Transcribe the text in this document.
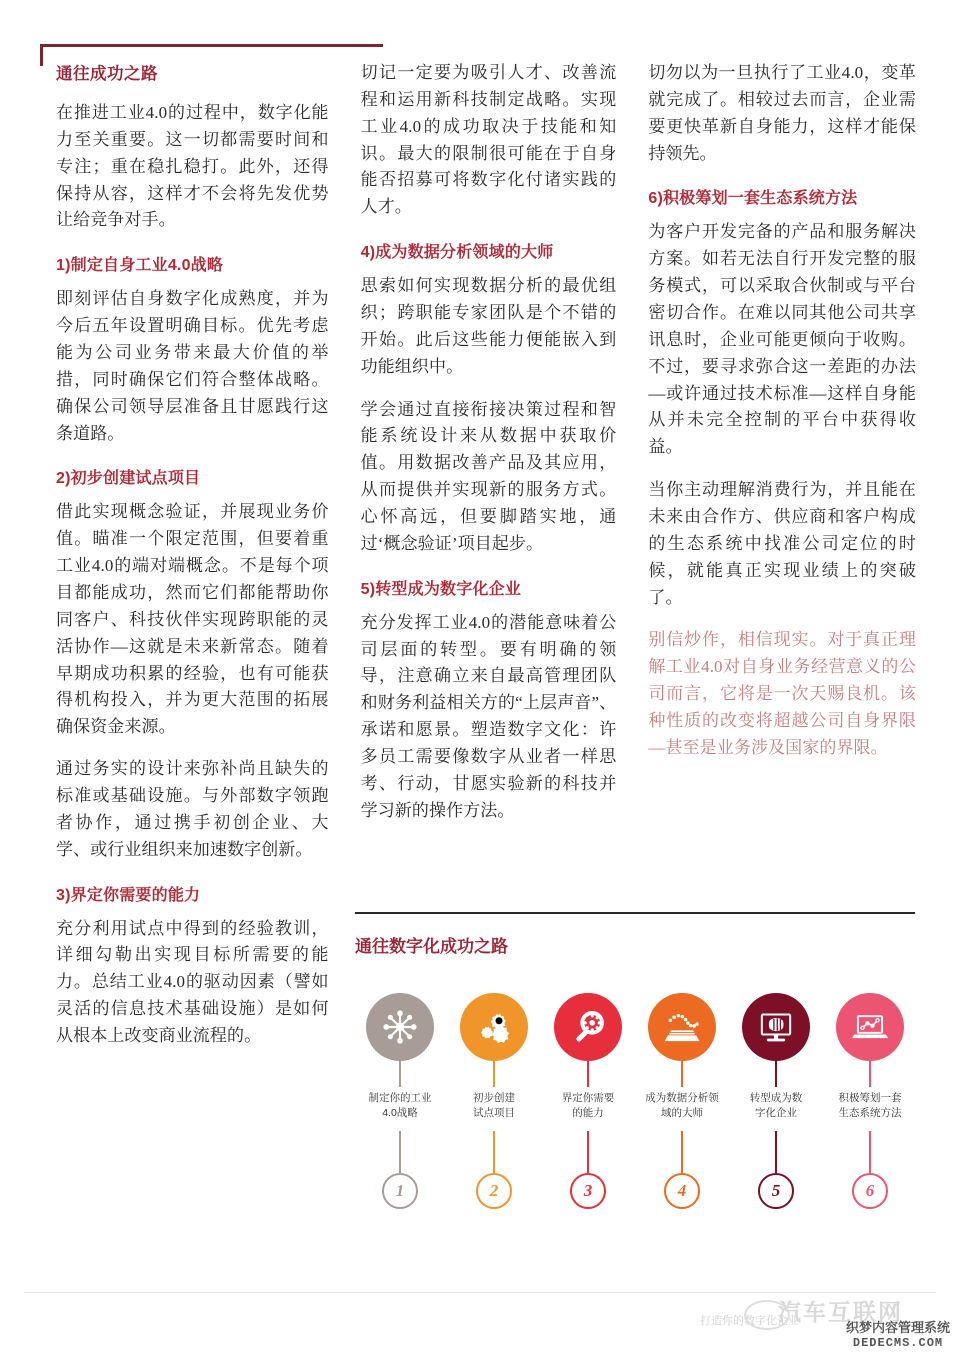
通往成功之路

在推进工业4.0的过程中，数字化能力至关重要。这一切都需要时间和专注；重在稳扎稳打。此外，还得保持从容，这样才不会将先发优势让给竞争对手。

1)制定自身工业4.0战略

即刻评估自身数字化成熟度，并为今后五年设置明确目标。优先考虑能为公司业务带来最大价值的举措，同时确保它们符合整体战略。确保公司领导层准备且甘愿践行这条道路。

2)初步创建试点项目

借此实现概念验证，并展现业务价值。瞄准一个限定范围，但要着重工业4.0的端对端概念。不是每个项目都能成功，然而它们都能帮助你同客户、科技伙伴实现跨职能的灵活协作—这就是未来新常态。随着早期成功积累的经验，也有可能获得机构投入，并为更大范围的拓展确保资金来源。

通过务实的设计来弥补尚且缺失的标准或基础设施。与外部数字领跑者协作，通过携手初创企业、大学、或行业组织来加速数字创新。

3)界定你需要的能力

充分利用试点中得到的经验教训，详细勾勒出实现目标所需要的能力。总结工业4.0的驱动因素（譬如灵活的信息技术基础设施）是如何从根本上改变商业流程的。

切记一定要为吸引人才、改善流程和运用新科技制定战略。实现工业4.0的成功取决于技能和知识。最大的限制很可能在于自身能否招募可将数字化付诸实践的人才。

4)成为数据分析领域的大师

思索如何实现数据分析的最优组织；跨职能专家团队是个不错的开始。此后这些能力便能嵌入到功能组织中。

学会通过直接衔接决策过程和智能系统设计来从数据中获取价值。用数据改善产品及其应用，从而提供并实现新的服务方式。心怀高远，但要脚踏实地，通过‘概念验证’项目起步。

5)转型成为数字化企业

充分发挥工业4.0的潜能意味着公司层面的转型。要有明确的领导，注意确立来自最高管理团队和财务利益相关方的“上层声音”、承诺和愿景。塑造数字文化：许多员工需要像数字从业者一样思考、行动，甘愿实验新的科技并学习新的操作方法。

切勿以为一旦执行了工业4.0，变革就完成了。相较过去而言，企业需要更快革新自身能力，这样才能保持领先。

6)积极筹划一套生态系统方法

为客户开发完备的产品和服务解决方案。如若无法自行开发完整的服务模式，可以采取合伙制或与平台密切合作。在难以同其他公司共享讯息时，企业可能更倾向于收购。不过，要寻求弥合这一差距的办法—或许通过技术标准—这样自身能从并未完全控制的平台中获得收益。

当你主动理解消费行为，并且能在未来由合作方、供应商和客户构成的生态系统中找准公司定位的时候，就能真正实现业绩上的突破了。

别信炒作，相信现实。对于真正理解工业4.0对自身业务经营意义的公司而言，它将是一次天赐良机。该种性质的改变将超越公司自身界限—甚至是业务涉及国家的界限。

通往数字化成功之路
制定你的工业
4.0战略
1
初步创建
试点项目
2
界定你需要
的能力
3
成为数据分析领
域的大师
4
转型成为数
字化企业
5
积极筹划一套
生态系统方法
6
打造你的数字化企业
汽车互联网
织梦内容管理系统
DEDECMS.COM
